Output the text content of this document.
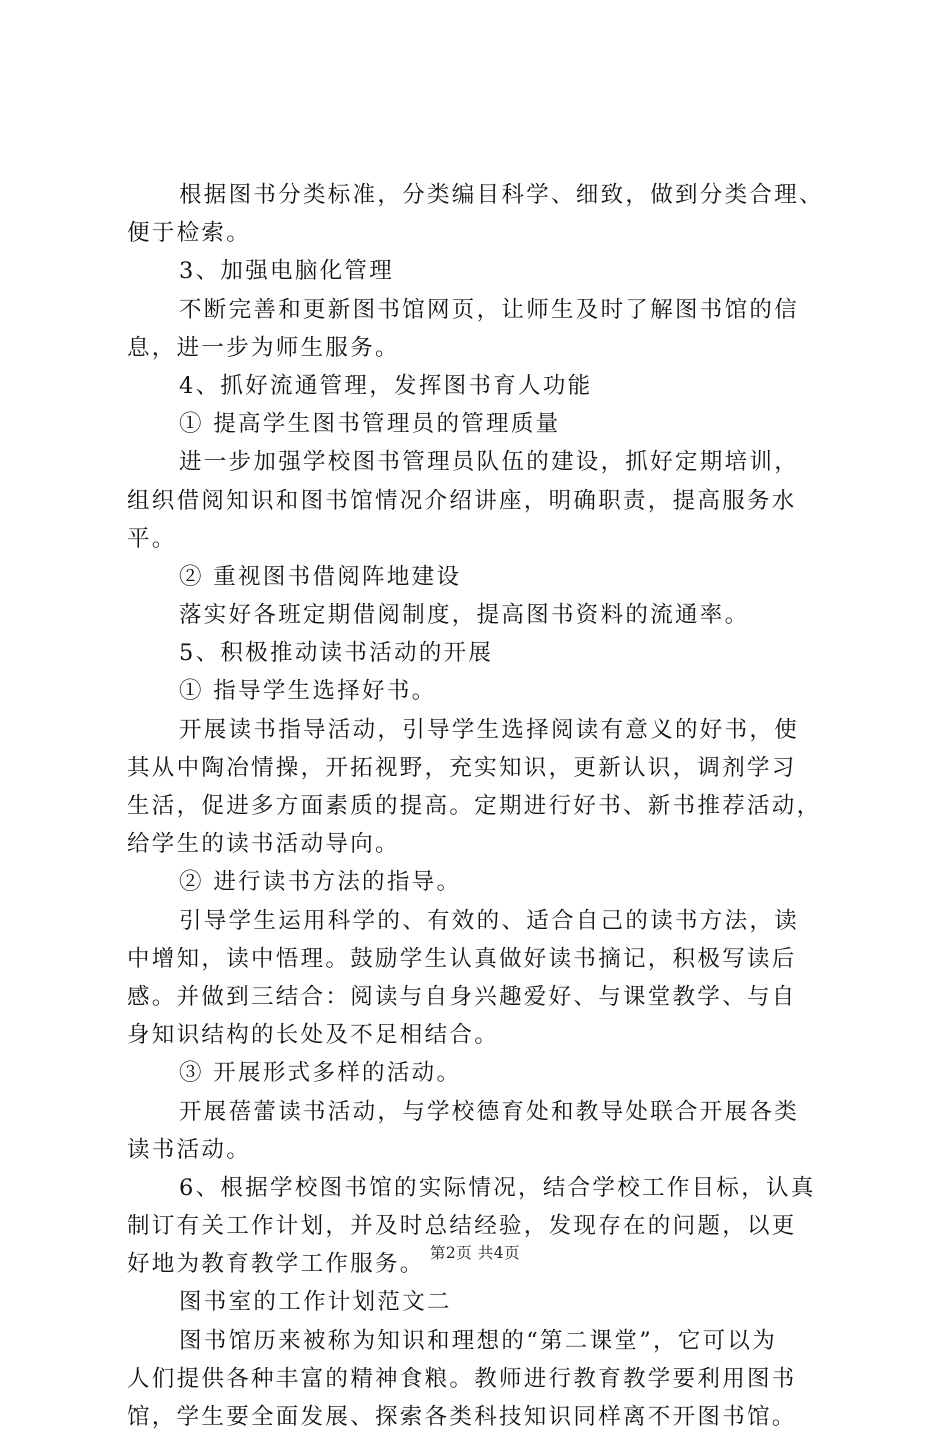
根据图书分类标准，分类编目科学、细致，做到分类合理、
便于检索。
3、加强电脑化管理
不断完善和更新图书馆网页，让师生及时了解图书馆的信
息，进一步为师生服务。
4、抓好流通管理，发挥图书育人功能
① 提高学生图书管理员的管理质量
进一步加强学校图书管理员队伍的建设，抓好定期培训，
组织借阅知识和图书馆情况介绍讲座，明确职责，提高服务水
平。
② 重视图书借阅阵地建设
落实好各班定期借阅制度，提高图书资料的流通率。
5、积极推动读书活动的开展
① 指导学生选择好书。
开展读书指导活动，引导学生选择阅读有意义的好书，使
其从中陶冶情操，开拓视野，充实知识，更新认识，调剂学习
生活，促进多方面素质的提高。定期进行好书、新书推荐活动，
给学生的读书活动导向。
② 进行读书方法的指导。
引导学生运用科学的、有效的、适合自己的读书方法，读
中增知，读中悟理。鼓励学生认真做好读书摘记，积极写读后
感。并做到三结合：阅读与自身兴趣爱好、与课堂教学、与自
身知识结构的长处及不足相结合。
③ 开展形式多样的活动。
开展蓓蕾读书活动，与学校德育处和教导处联合开展各类
读书活动。
6、根据学校图书馆的实际情况，结合学校工作目标，认真
制订有关工作计划，并及时总结经验，发现存在的问题，以更
好地为教育教学工作服务。
图书室的工作计划范文二
图书馆历来被称为知识和理想的“第二课堂”，它可以为
人们提供各种丰富的精神食粮。教师进行教育教学要利用图书
馆，学生要全面发展、探索各类科技知识同样离不开图书馆。
第2页 共4页
